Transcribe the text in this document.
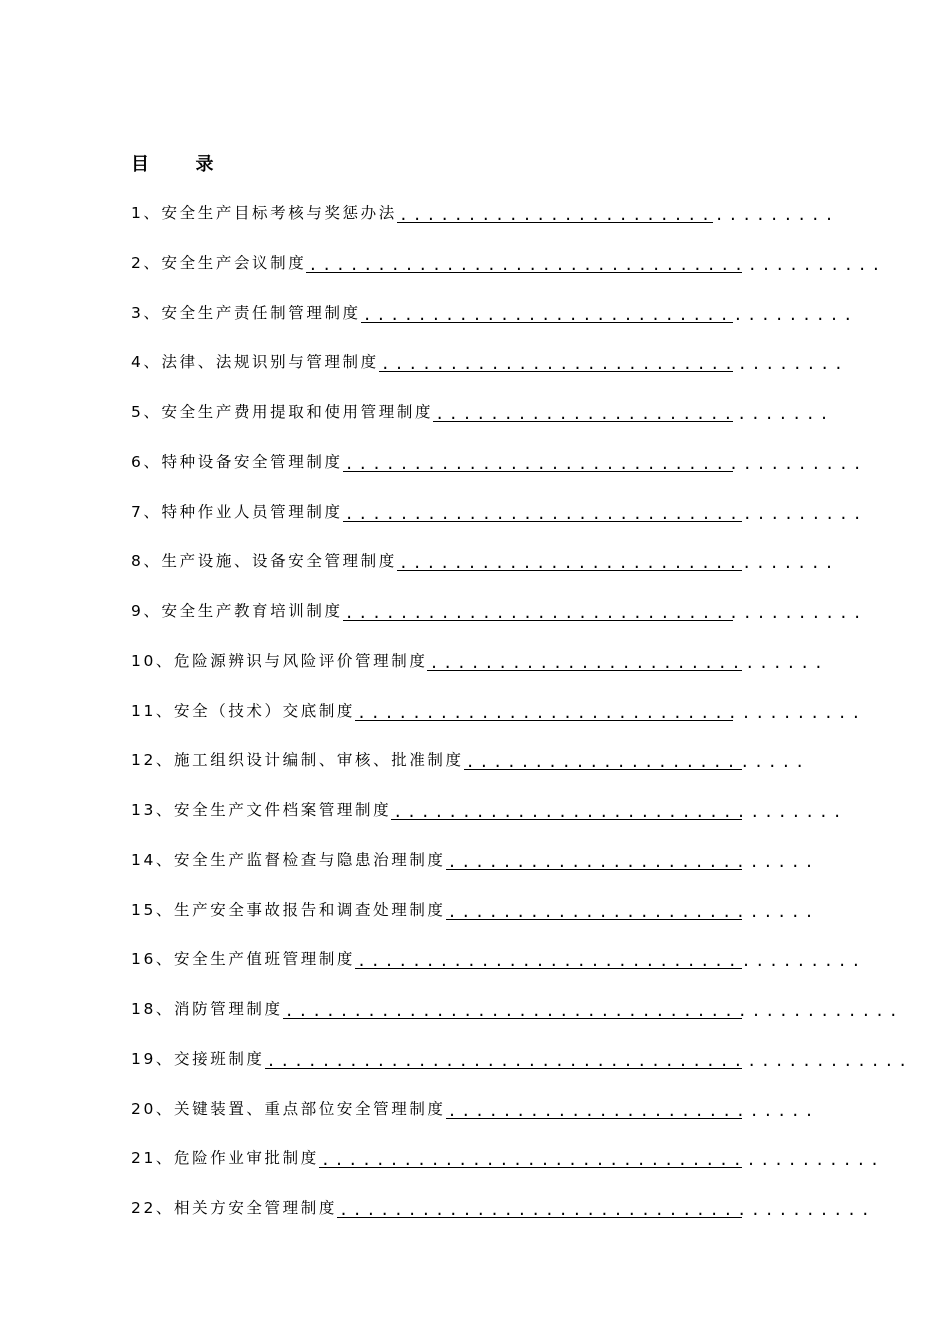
目  录
1、安全生产目标考核与奖惩办法 ................................
2、安全生产会议制度 ..........................................
3、安全生产责任制管理制度 ....................................
4、法律、法规识别与管理制度 ..................................
5、安全生产费用提取和使用管理制度 .............................
6、特种设备安全管理制度 ......................................
7、特种作业人员管理制度 ......................................
8、生产设施、设备安全管理制度 ................................
9、安全生产教育培训制度 ......................................
10、危险源辨识与风险评价管理制度 .............................
11、安全（技术）交底制度 .....................................
12、施工组织设计编制、审核、批准制度 .........................
13、安全生产文件档案管理制度 .................................
14、安全生产监督检查与隐患治理制度 ...........................
15、生产安全事故报告和调查处理制度 ...........................
16、安全生产值班管理制度 .....................................
18、消防管理制度 .............................................
19、交接班制度 ...............................................
20、关键装置、重点部位安全管理制度 ...........................
21、危险作业审批制度 .........................................
22、相关方安全管理制度 .......................................
